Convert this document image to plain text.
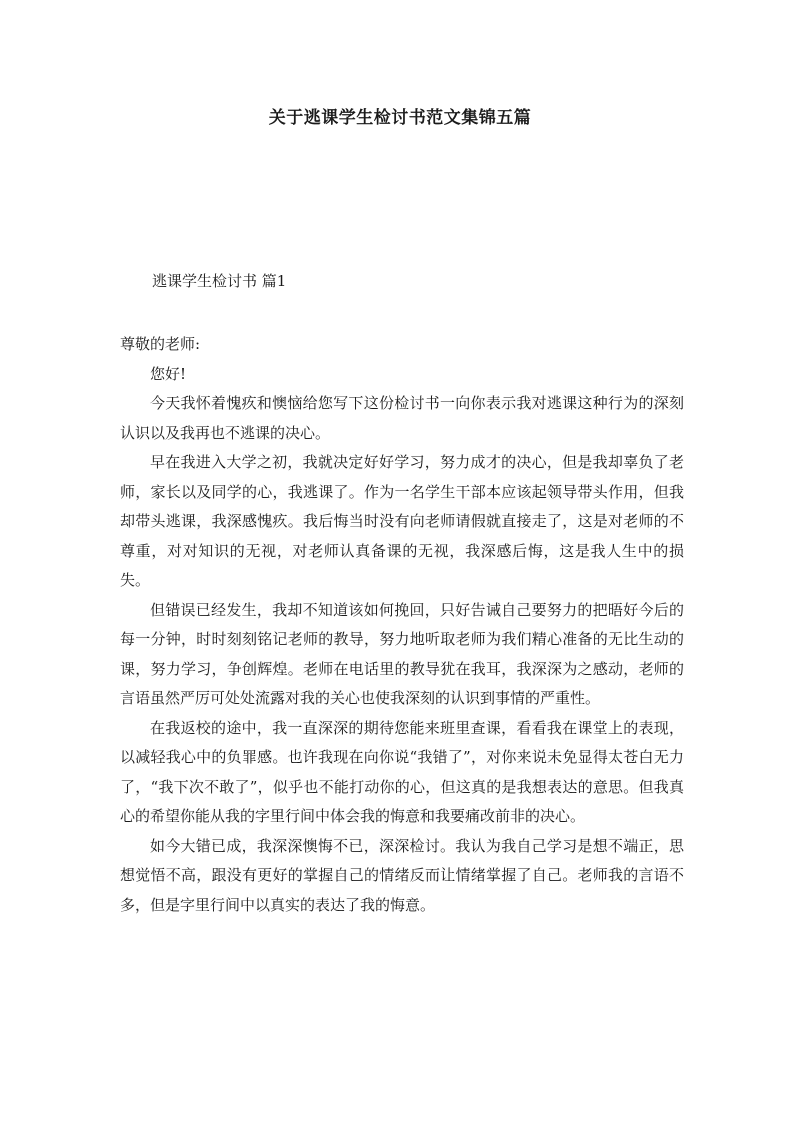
关于逃课学生检讨书范文集锦五篇
逃课学生检讨书 篇1

尊敬的老师:

您好!

今天我怀着愧疚和懊恼给您写下这份检讨书一向你表示我对逃课这种行为的深刻认识以及我再也不逃课的决心。

早在我进入大学之初，我就决定好好学习，努力成才的决心，但是我却辜负了老师，家长以及同学的心，我逃课了。作为一名学生干部本应该起领导带头作用，但我却带头逃课，我深感愧疚。我后悔当时没有向老师请假就直接走了，这是对老师的不尊重，对对知识的无视，对老师认真备课的无视，我深感后悔，这是我人生中的损失。

但错误已经发生，我却不知道该如何挽回，只好告诫自己要努力的把晤好今后的每一分钟，时时刻刻铭记老师的教导，努力地听取老师为我们精心准备的无比生动的课，努力学习，争创辉煌。老师在电话里的教导犹在我耳，我深深为之感动，老师的言语虽然严厉可处处流露对我的关心也使我深刻的认识到事情的严重性。

在我返校的途中，我一直深深的期待您能来班里查课，看看我在课堂上的表现，以减轻我心中的负罪感。也许我现在向你说“我错了”，对你来说未免显得太苍白无力了，“我下次不敢了”，似乎也不能打动你的心，但这真的是我想表达的意思。但我真心的希望你能从我的字里行间中体会我的悔意和我要痛改前非的决心。

如今大错已成，我深深懊悔不已，深深检讨。我认为我自己学习是想不端正，思想觉悟不高，跟没有更好的掌握自己的情绪反而让情绪掌握了自己。老师我的言语不多，但是字里行间中以真实的表达了我的悔意。
